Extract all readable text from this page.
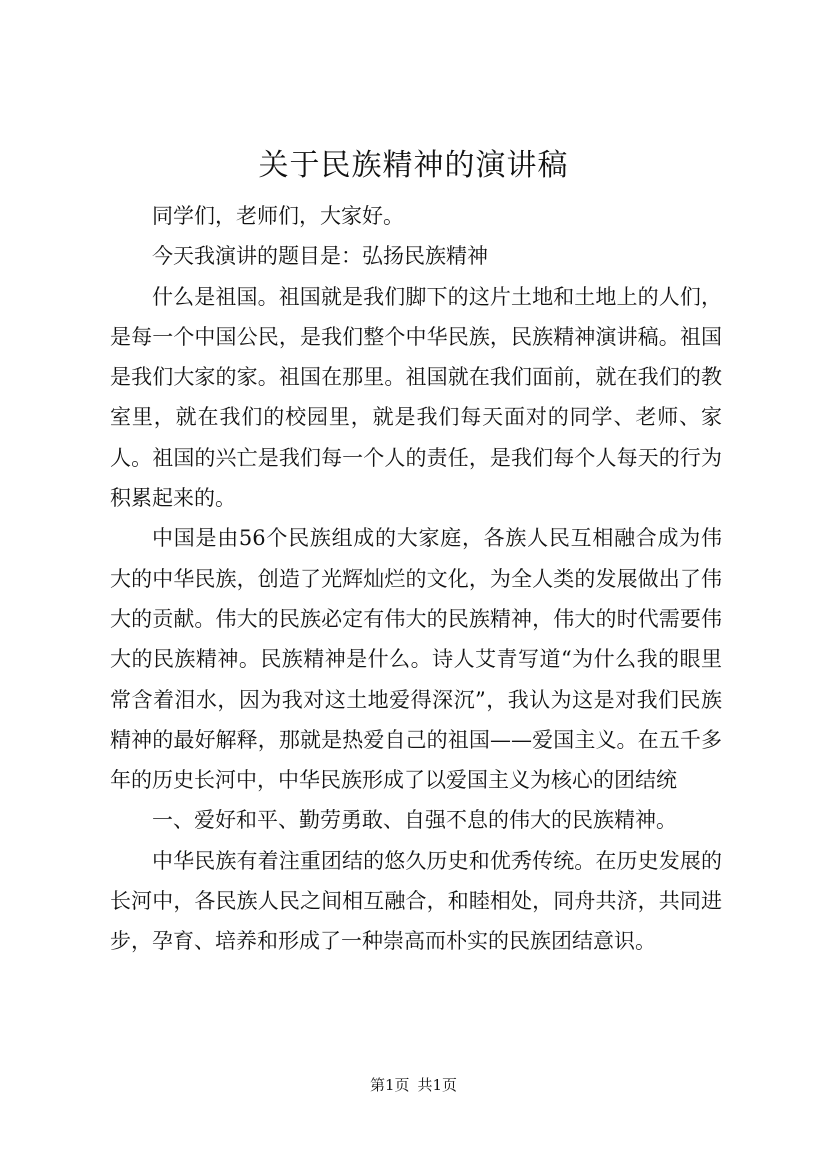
关于民族精神的演讲稿

同学们，老师们，大家好。

今天我演讲的题目是：弘扬民族精神

什么是祖国。祖国就是我们脚下的这片土地和土地上的人们，是每一个中国公民，是我们整个中华民族，民族精神演讲稿。祖国是我们大家的家。祖国在那里。祖国就在我们面前，就在我们的教室里，就在我们的校园里，就是我们每天面对的同学、老师、家人。祖国的兴亡是我们每一个人的责任，是我们每个人每天的行为积累起来的。

中国是由56个民族组成的大家庭，各族人民互相融合成为伟大的中华民族，创造了光辉灿烂的文化，为全人类的发展做出了伟大的贡献。伟大的民族必定有伟大的民族精神，伟大的时代需要伟大的民族精神。民族精神是什么。诗人艾青写道“为什么我的眼里常含着泪水，因为我对这土地爱得深沉”，我认为这是对我们民族精神的最好解释，那就是热爱自己的祖国——爱国主义。在五千多年的历史长河中，中华民族形成了以爱国主义为核心的团结统

一、爱好和平、勤劳勇敢、自强不息的伟大的民族精神。

中华民族有着注重团结的悠久历史和优秀传统。在历史发展的长河中，各民族人民之间相互融合，和睦相处，同舟共济，共同进步，孕育、培养和形成了一种崇高而朴实的民族团结意识。

第1页 共1页
